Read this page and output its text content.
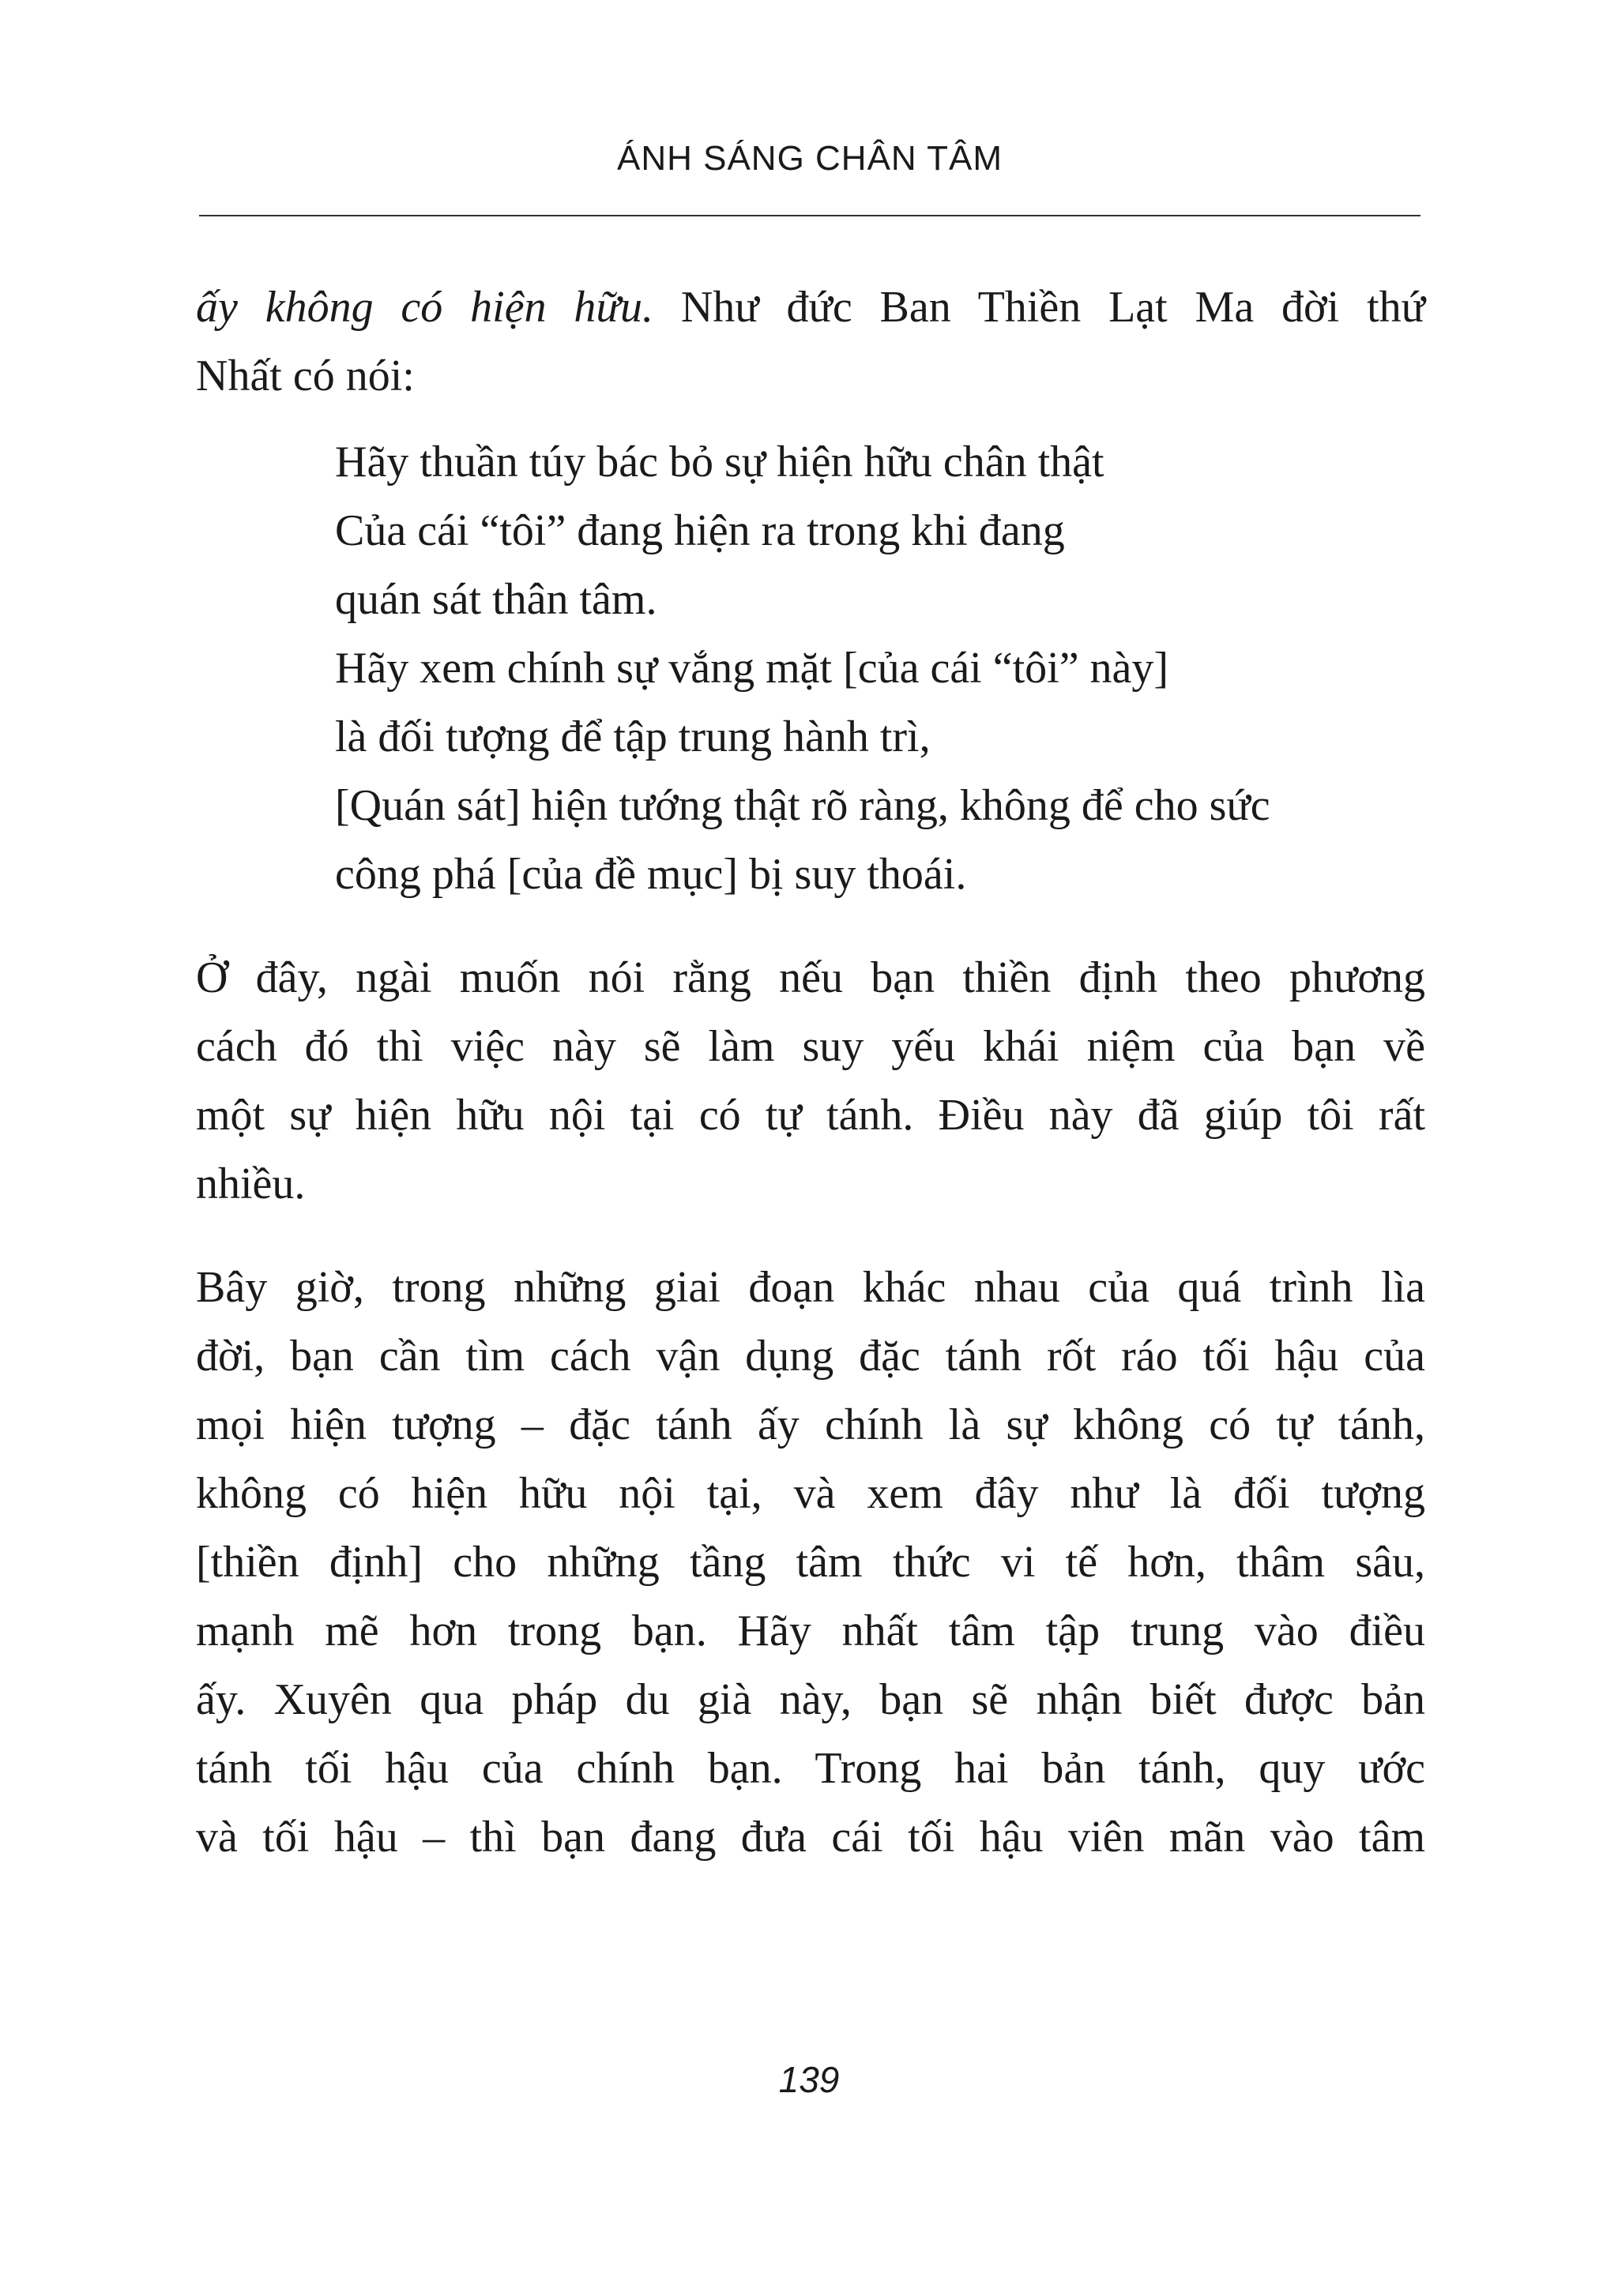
ÁNH SÁNG CHÂN TÂM

ấy không có hiện hữu. Như đức Ban Thiền Lạt Ma đời thứ

Nhất có nói:

Hãy thuần túy bác bỏ sự hiện hữu chân thật
Của cái “tôi” đang hiện ra trong khi đang
quán sát thân tâm.
Hãy xem chính sự vắng mặt [của cái “tôi” này]
là đối tượng để tập trung hành trì,
[Quán sát] hiện tướng thật rõ ràng, không để cho sức
công phá [của đề mục] bị suy thoái.

Ở đây, ngài muốn nói rằng nếu bạn thiền định theo phương

cách đó thì việc này sẽ làm suy yếu khái niệm của bạn về

một sự hiện hữu nội tại có tự tánh. Điều này đã giúp tôi rất

nhiều.

Bây giờ, trong những giai đoạn khác nhau của quá trình lìa

đời, bạn cần tìm cách vận dụng đặc tánh rốt ráo tối hậu của

mọi hiện tượng – đặc tánh ấy chính là sự không có tự tánh,

không có hiện hữu nội tại, và xem đây như là đối tượng

[thiền định] cho những tầng tâm thức vi tế hơn, thâm sâu,

mạnh mẽ hơn trong bạn. Hãy nhất tâm tập trung vào điều

ấy. Xuyên qua pháp du già này, bạn sẽ nhận biết được bản

tánh tối hậu của chính bạn. Trong hai bản tánh, quy ước

và tối hậu – thì bạn đang đưa cái tối hậu viên mãn vào tâm

139
